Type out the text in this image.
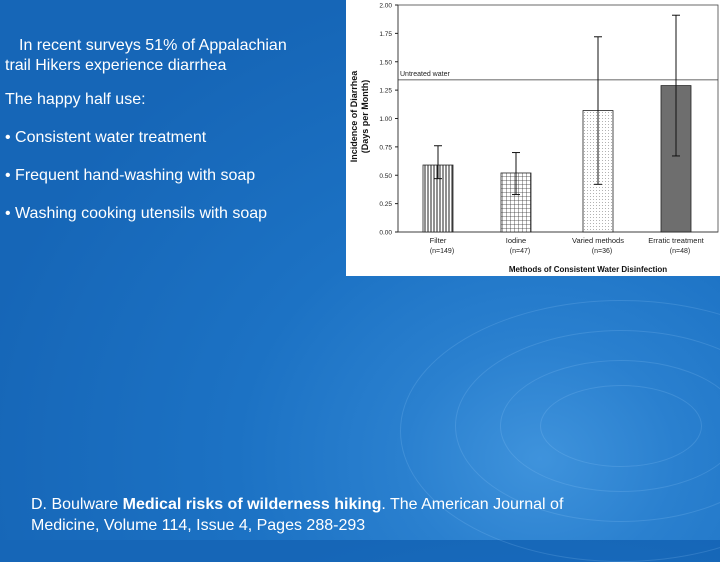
In recent surveys 51% of Appalachian
trail Hikers experience diarrhea

The happy half use:

• Consistent water treatment

• Frequent hand-washing with soap

• Washing cooking utensils with soap

Untreated water
0.00
0.25
0.50
0.75
1.00
1.25
1.50
1.75
2.00
Filter
(n=149)
Iodine
(n=47)
Varied methods
(n=36)
Erratic treatment
(n=48)
Incidence of Diarrhea (Days per Month)
Methods of Consistent Water Disinfection
D. Boulware Medical risks of wilderness hiking. The American Journal of
Medicine, Volume 114, Issue 4, Pages 288-293
